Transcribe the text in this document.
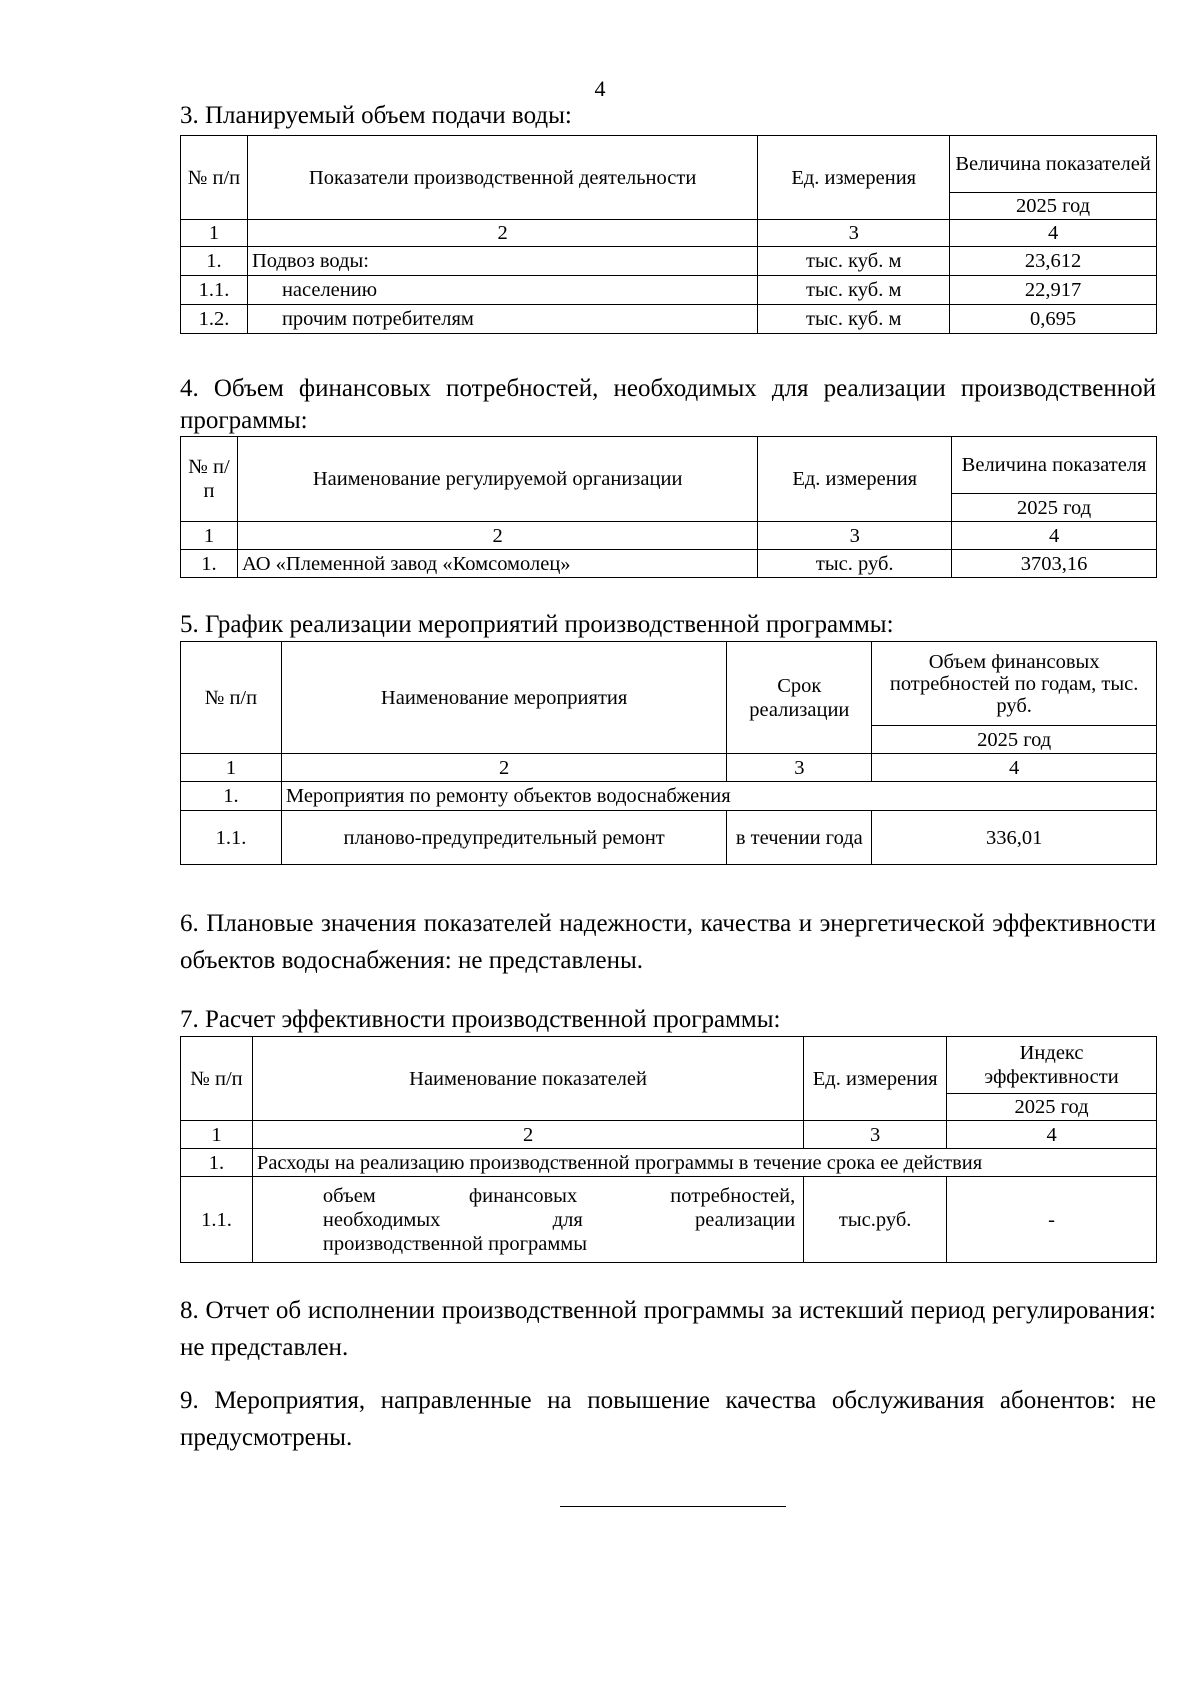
4
3. Планируемый объем подачи воды:
№ п/п	Показатели производственной деятельности	Ед. измерения	Величина показателей
			2025 год
1	2	3	4
1.	Подвоз воды:	тыс. куб. м	23,612
1.1.	населению	тыс. куб. м	22,917
1.2.	прочим потребителям	тыс. куб. м	0,695
4. Объем финансовых потребностей, необходимых для реализации производственной программы:
№ п/п	Наименование регулируемой организации	Ед. измерения	Величина показателя
			2025 год
1	2	3	4
1.	АО «Племенной завод «Комсомолец»	тыс. руб.	3703,16
5. График реализации мероприятий производственной программы:
№ п/п	Наименование мероприятия	Срок реализации	Объем финансовых потребностей по годам, тыс. руб.
			2025 год
1	2	3	4
1.	Мероприятия по ремонту объектов водоснабжения		
1.1.	планово-предупредительный ремонт	в течении года	336,01
6. Плановые значения показателей надежности, качества и энергетической эффективности объектов водоснабжения: не представлены.
7. Расчет эффективности производственной программы:
№ п/п	Наименование показателей	Ед. измерения	Индекс эффективности
			2025 год
1	2	3	4
1.	Расходы на реализацию производственной программы в течение срока ее действия		
1.1.	объем финансовых потребностей,
необходимых для реализации
производственной программы	тыс.руб.	-
8. Отчет об исполнении производственной программы за истекший период регулирования: не представлен.
9. Мероприятия, направленные на повышение качества обслуживания абонентов: не предусмотрены.
